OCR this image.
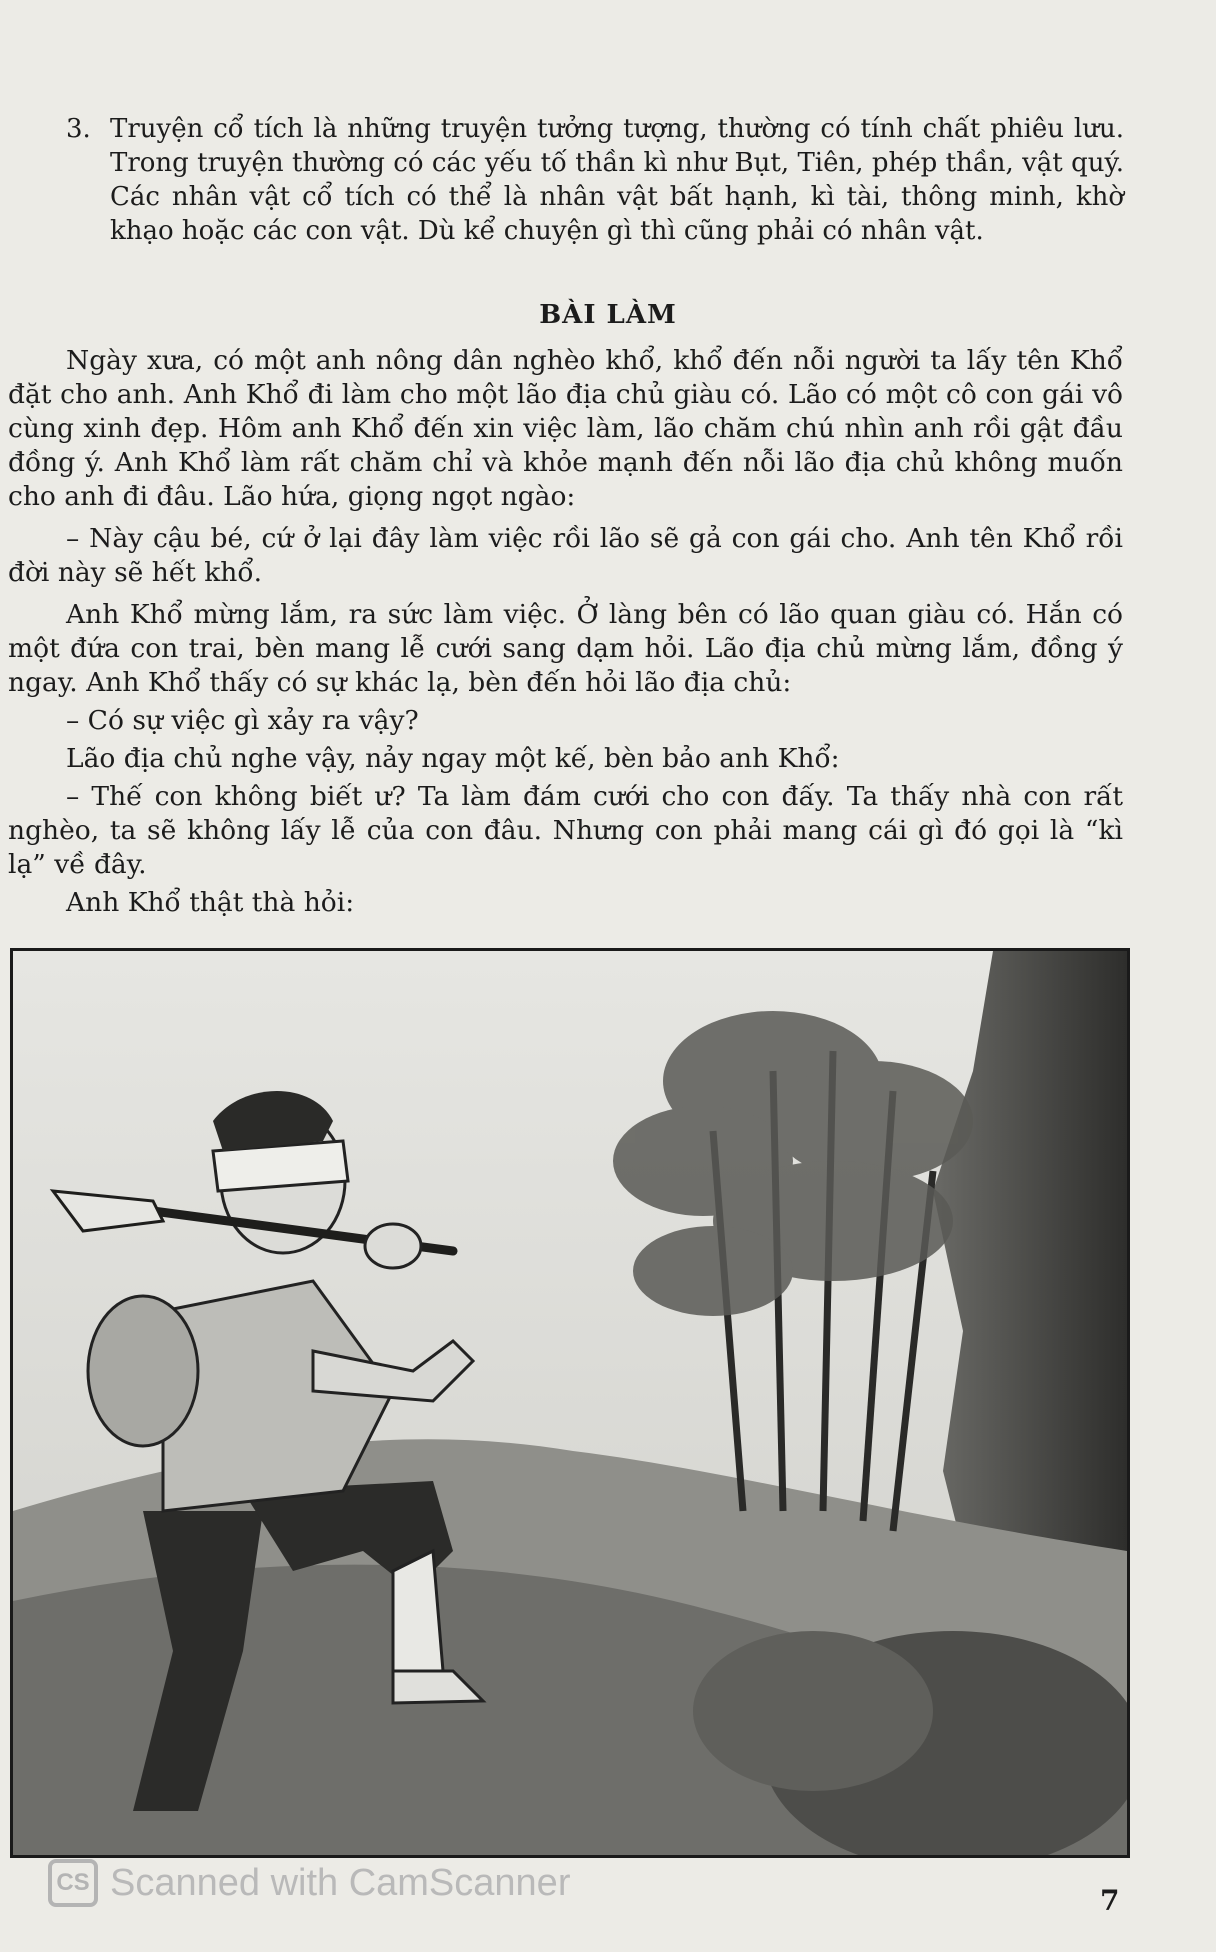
3. Truyện cổ tích là những truyện tưởng tượng, thường có tính chất phiêu lưu. Trong truyện thường có các yếu tố thần kì như Bụt, Tiên, phép thần, vật quý. Các nhân vật cổ tích có thể là nhân vật bất hạnh, kì tài, thông minh, khờ khạo hoặc các con vật. Dù kể chuyện gì thì cũng phải có nhân vật.
BÀI LÀM

Ngày xưa, có một anh nông dân nghèo khổ, khổ đến nỗi người ta lấy tên Khổ đặt cho anh. Anh Khổ đi làm cho một lão địa chủ giàu có. Lão có một cô con gái vô cùng xinh đẹp. Hôm anh Khổ đến xin việc làm, lão chăm chú nhìn anh rồi gật đầu đồng ý. Anh Khổ làm rất chăm chỉ và khỏe mạnh đến nỗi lão địa chủ không muốn cho anh đi đâu. Lão hứa, giọng ngọt ngào:

– Này cậu bé, cứ ở lại đây làm việc rồi lão sẽ gả con gái cho. Anh tên Khổ rồi đời này sẽ hết khổ.

Anh Khổ mừng lắm, ra sức làm việc. Ở làng bên có lão quan giàu có. Hắn có một đứa con trai, bèn mang lễ cưới sang dạm hỏi. Lão địa chủ mừng lắm, đồng ý ngay. Anh Khổ thấy có sự khác lạ, bèn đến hỏi lão địa chủ:

– Có sự việc gì xảy ra vậy?

Lão địa chủ nghe vậy, nảy ngay một kế, bèn bảo anh Khổ:

– Thế con không biết ư? Ta làm đám cưới cho con đấy. Ta thấy nhà con rất nghèo, ta sẽ không lấy lễ của con đâu. Nhưng con phải mang cái gì đó gọi là “kì lạ” về đây.

Anh Khổ thật thà hỏi:

CS Scanned with CamScanner	7
